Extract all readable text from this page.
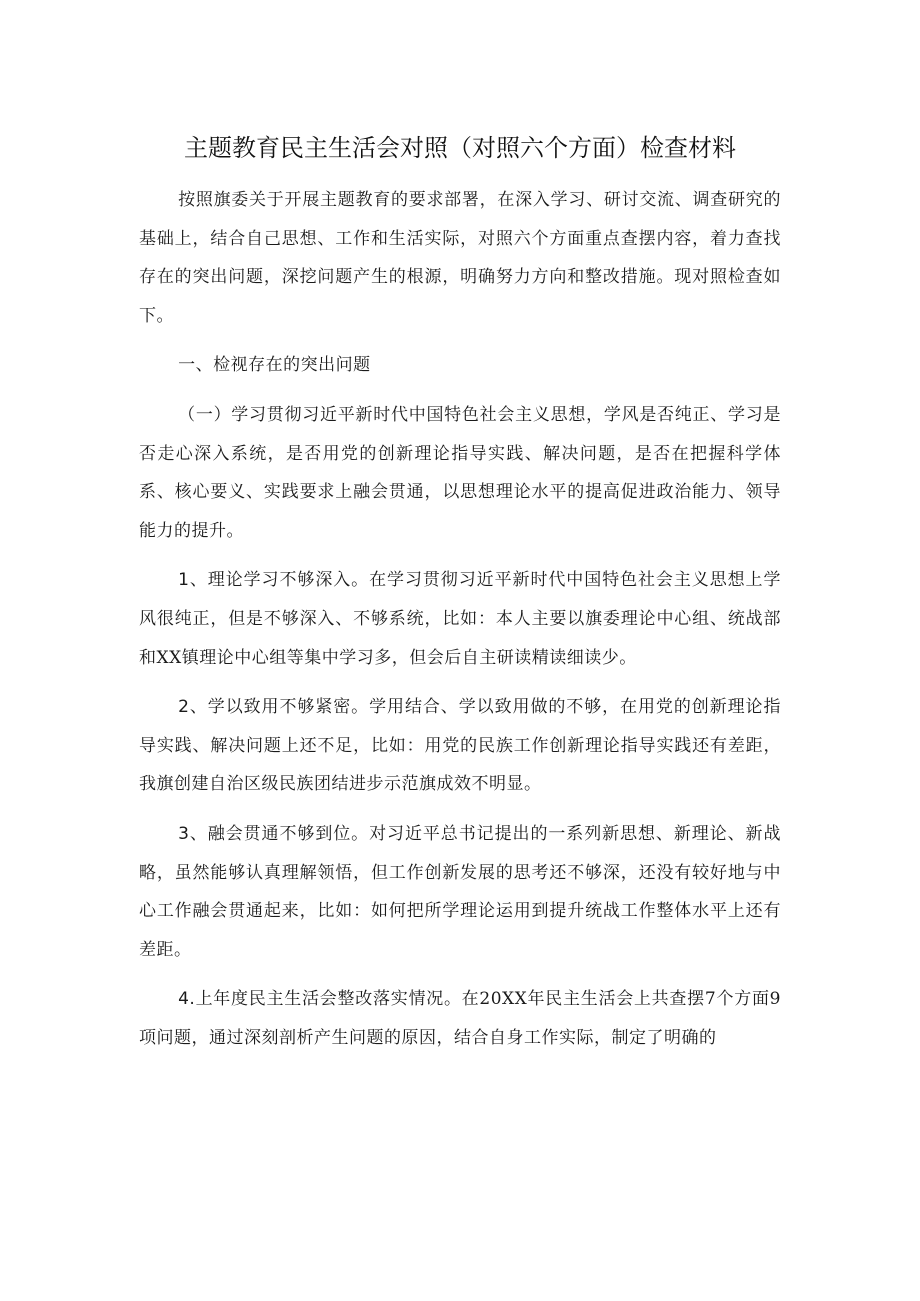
主题教育民主生活会对照（对照六个方面）检查材料

按照旗委关于开展主题教育的要求部署，在深入学习、研讨交流、调查研究的基础上，结合自己思想、工作和生活实际，对照六个方面重点查摆内容，着力查找存在的突出问题，深挖问题产生的根源，明确努力方向和整改措施。现对照检查如下。

一、检视存在的突出问题

（一）学习贯彻习近平新时代中国特色社会主义思想，学风是否纯正、学习是否走心深入系统，是否用党的创新理论指导实践、解决问题，是否在把握科学体系、核心要义、实践要求上融会贯通，以思想理论水平的提高促进政治能力、领导能力的提升。

1、理论学习不够深入。在学习贯彻习近平新时代中国特色社会主义思想上学风很纯正，但是不够深入、不够系统，比如：本人主要以旗委理论中心组、统战部和XX镇理论中心组等集中学习多，但会后自主研读精读细读少。

2、学以致用不够紧密。学用结合、学以致用做的不够，在用党的创新理论指导实践、解决问题上还不足，比如：用党的民族工作创新理论指导实践还有差距，我旗创建自治区级民族团结进步示范旗成效不明显。

3、融会贯通不够到位。对习近平总书记提出的一系列新思想、新理论、新战略，虽然能够认真理解领悟，但工作创新发展的思考还不够深，还没有较好地与中心工作融会贯通起来，比如：如何把所学理论运用到提升统战工作整体水平上还有差距。

4.上年度民主生活会整改落实情况。在20XX年民主生活会上共查摆7个方面9项问题，通过深刻剖析产生问题的原因，结合自身工作实际，制定了明确的
